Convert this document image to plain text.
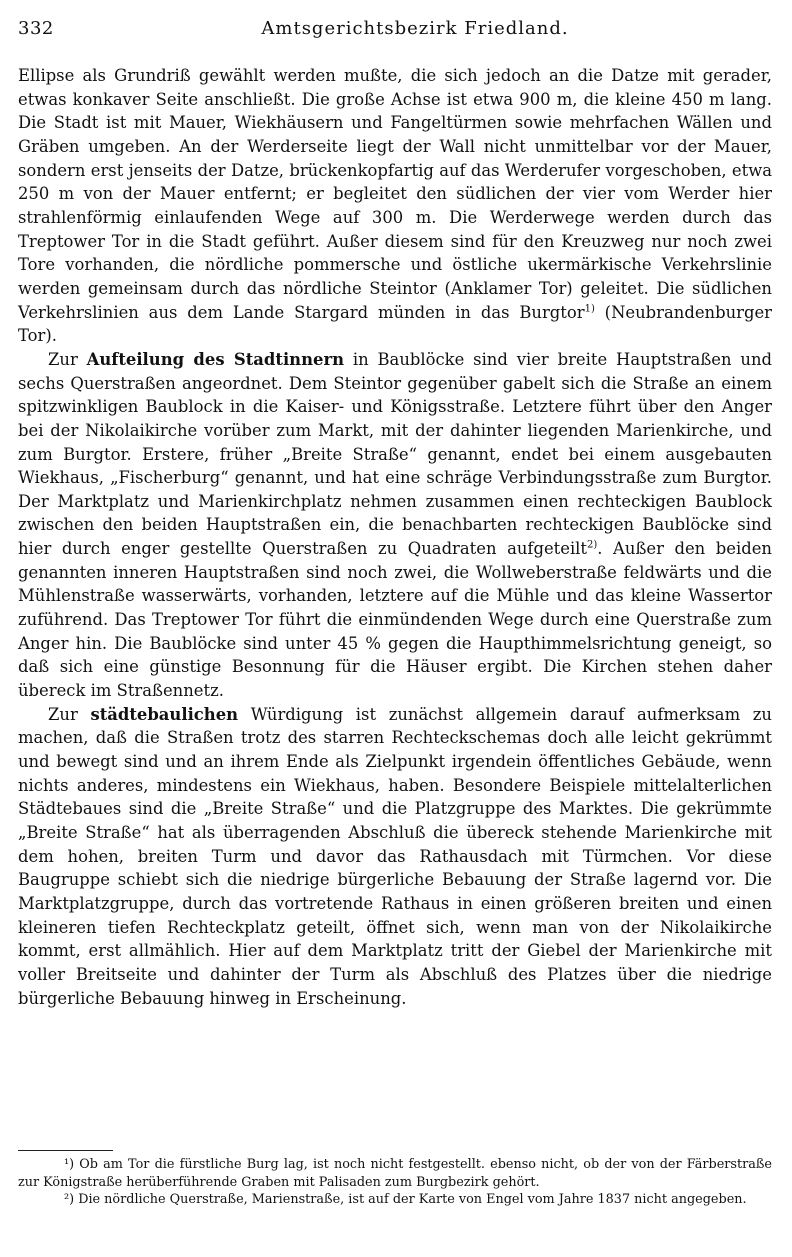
332	Amtsgerichtsbezirk Friedland.

Ellipse als Grundriß gewählt werden mußte, die sich jedoch an die Datze mit gerader, etwas konkaver Seite anschließt. Die große Achse ist etwa 900 m, die kleine 450 m lang. Die Stadt ist mit Mauer, Wiekhäusern und Fangeltürmen sowie mehrfachen Wällen und Gräben umgeben. An der Werderseite liegt der Wall nicht unmittelbar vor der Mauer, sondern erst jenseits der Datze, brückenkopfartig auf das Werderufer vorgeschoben, etwa 250 m von der Mauer entfernt; er begleitet den südlichen der vier vom Werder hier strahlenförmig einlaufenden Wege auf 300 m. Die Werderwege werden durch das Treptower Tor in die Stadt geführt. Außer diesem sind für den Kreuzweg nur noch zwei Tore vorhanden, die nördliche pommersche und östliche ukermärkische Verkehrslinie werden gemeinsam durch das nördliche Steintor (Anklamer Tor) geleitet. Die südlichen Verkehrslinien aus dem Lande Stargard münden in das Burgtor$^{1)}$ (Neubrandenburger Tor).

Zur Aufteilung des Stadtinnern in Baublöcke sind vier breite Hauptstraßen und sechs Querstraßen angeordnet. Dem Steintor gegenüber gabelt sich die Straße an einem spitzwinkligen Baublock in die Kaiser- und Königsstraße. Letztere führt über den Anger bei der Nikolaikirche vorüber zum Markt, mit der dahinter liegenden Marienkirche, und zum Burgtor. Erstere, früher „Breite Straße“ genannt, endet bei einem ausgebauten Wiekhaus, „Fischerburg“ genannt, und hat eine schräge Verbindungsstraße zum Burgtor. Der Marktplatz und Marienkirchplatz nehmen zusammen einen rechteckigen Baublock zwischen den beiden Hauptstraßen ein, die benachbarten rechteckigen Baublöcke sind hier durch enger gestellte Querstraßen zu Quadraten aufgeteilt$^{2)}$. Außer den beiden genannten inneren Hauptstraßen sind noch zwei, die Wollweberstraße feldwärts und die Mühlenstraße wasserwärts, vorhanden, letztere auf die Mühle und das kleine Wassertor zuführend. Das Treptower Tor führt die einmündenden Wege durch eine Querstraße zum Anger hin. Die Baublöcke sind unter 45 % gegen die Haupthimmelsrichtung geneigt, so daß sich eine günstige Besonnung für die Häuser ergibt. Die Kirchen stehen daher übereck im Straßennetz.

Zur städtebaulichen Würdigung ist zunächst allgemein darauf aufmerksam zu machen, daß die Straßen trotz des starren Rechteckschemas doch alle leicht gekrümmt und bewegt sind und an ihrem Ende als Zielpunkt irgendein öffentliches Gebäude, wenn nichts anderes, mindestens ein Wiekhaus, haben. Besondere Beispiele mittelalterlichen Städtebaues sind die „Breite Straße“ und die Platzgruppe des Marktes. Die gekrümmte „Breite Straße“ hat als überragenden Abschluß die übereck stehende Marienkirche mit dem hohen, breiten Turm und davor das Rathausdach mit Türmchen. Vor diese Baugruppe schiebt sich die niedrige bürgerliche Bebauung der Straße lagernd vor. Die Marktplatzgruppe, durch das vortretende Rathaus in einen größeren breiten und einen kleineren tiefen Rechteckplatz geteilt, öffnet sich, wenn man von der Nikolaikirche kommt, erst allmählich. Hier auf dem Marktplatz tritt der Giebel der Marienkirche mit voller Breitseite und dahinter der Turm als Abschluß des Platzes über die niedrige bürgerliche Bebauung hinweg in Erscheinung.

¹) Ob am Tor die fürstliche Burg lag, ist noch nicht festgestellt. ebenso nicht, ob der von der Färberstraße zur Königstraße herüberführende Graben mit Palisaden zum Burgbezirk gehört.

²) Die nördliche Querstraße, Marienstraße, ist auf der Karte von Engel vom Jahre 1837 nicht angegeben.
